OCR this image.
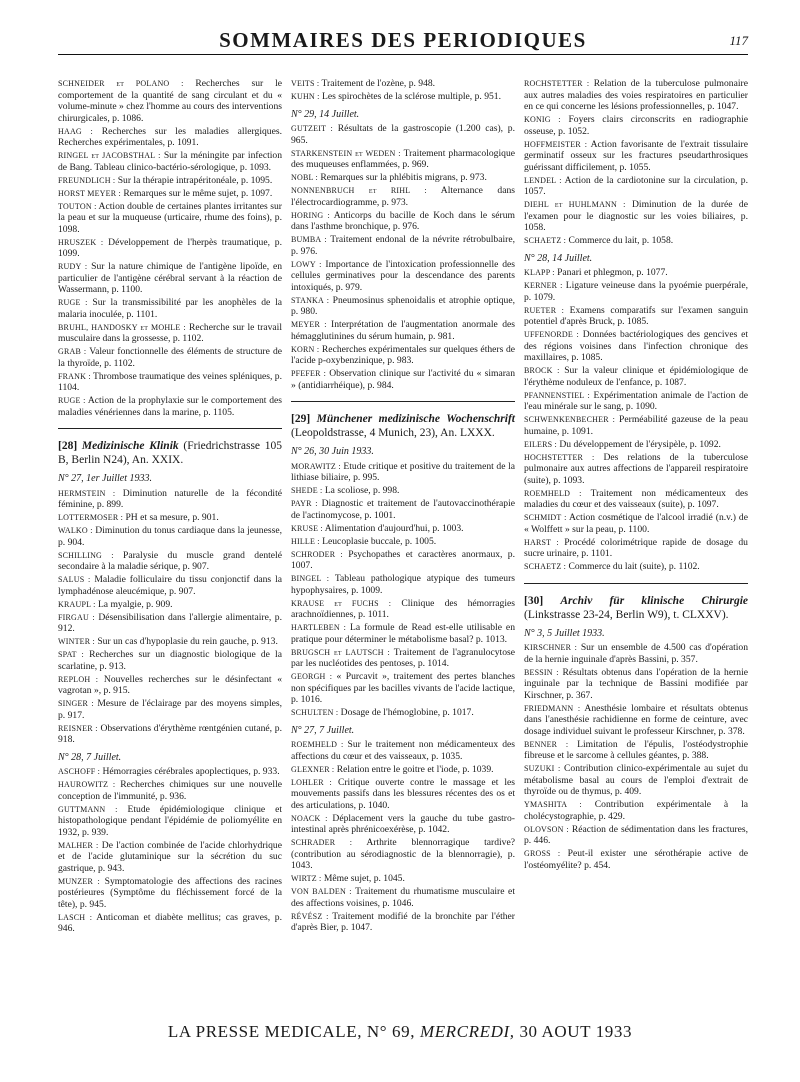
SOMMAIRES DES PERIODIQUES	117

SCHNEIDER et POLANO : Recherches sur le comportement de la quantité de sang circulant et du « volume-minute » chez l'homme au cours des interventions chirurgicales, p. 1086.

HAAG : Recherches sur les maladies allergiques. Recherches expérimentales, p. 1091.

RINGEL et JACOBSTHAL : Sur la méningite par infection de Bang. Tableau clinico-bactério-sérologique, p. 1093.

FREUNDLICH : Sur la thérapie intrapéritonéale, p. 1095.

HORST MEYER : Remarques sur le même sujet, p. 1097.

TOUTON : Action double de certaines plantes irritantes sur la peau et sur la muqueuse (urticaire, rhume des foins), p. 1098.

HRUSZEK : Développement de l'herpès traumatique, p. 1099.

RUDY : Sur la nature chimique de l'antigène lipoïde, en particulier de l'antigène cérébral servant à la réaction de Wassermann, p. 1100.

RUGE : Sur la transmissibilité par les anophèles de la malaria inoculée, p. 1101.

BRUHL, HANDOSKY et MOHLE : Recherche sur le travail musculaire dans la grossesse, p. 1102.

GRAB : Valeur fonctionnelle des éléments de structure de la thyroïde, p. 1102.

FRANK : Thrombose traumatique des veines spléniques, p. 1104.

RUGE : Action de la prophylaxie sur le comportement des maladies vénériennes dans la marine, p. 1105.

[28] Medizinische Klinik (Friedrichstrasse 105 B, Berlin N24), An. XXIX.
N° 27, 1er Juillet 1933.

HERMSTEIN : Diminution naturelle de la fécondité féminine, p. 899.

LOTTERMOSER : PH et sa mesure, p. 901.

WALKO : Diminution du tonus cardiaque dans la jeunesse, p. 904.

SCHILLING : Paralysie du muscle grand dentelé secondaire à la maladie sérique, p. 907.

SALUS : Maladie folliculaire du tissu conjonctif dans la lymphadénose aleucémique, p. 907.

KRAUPL : La myalgie, p. 909.

FIRGAU : Désensibilisation dans l'allergie alimentaire, p. 912.

WINTER : Sur un cas d'hypoplasie du rein gauche, p. 913.

SPAT : Recherches sur un diagnostic biologique de la scarlatine, p. 913.

REPLOH : Nouvelles recherches sur le désinfectant « vagrotan », p. 915.

SINGER : Mesure de l'éclairage par des moyens simples, p. 917.

REISNER : Observations d'érythème rœntgénien cutané, p. 918.

N° 28, 7 Juillet.

ASCHOFF : Hémorragies cérébrales apoplectiques, p. 933.

HAUROWITZ : Recherches chimiques sur une nouvelle conception de l'immunité, p. 936.

GUTTMANN : Etude épidémiologique clinique et histopathologique pendant l'épidémie de poliomyélite en 1932, p. 939.

MALHER : De l'action combinée de l'acide chlorhydrique et de l'acide glutaminique sur la sécrétion du suc gastrique, p. 943.

MUNZER : Symptomatologie des affections des racines postérieures (Symptôme du fléchissement forcé de la tête), p. 945.

LASCH : Anticoman et diabète mellitus; cas graves, p. 946.

VEITS : Traitement de l'ozène, p. 948.

KUHN : Les spirochètes de la sclérose multiple, p. 951.

N° 29, 14 Juillet.

GUTZEIT : Résultats de la gastroscopie (1.200 cas), p. 965.

STARKENSTEIN et WEDEN : Traitement pharmacologique des muqueuses enflammées, p. 969.

NOBL : Remarques sur la phlébitis migrans, p. 973.

NONNENBRUCH et RIHL : Alternance dans l'électrocardiogramme, p. 973.

HORING : Anticorps du bacille de Koch dans le sérum dans l'asthme bronchique, p. 976.

BUMBA : Traitement endonal de la névrite rétrobulbaire, p. 976.

LOWY : Importance de l'intoxication professionnelle des cellules germinatives pour la descendance des parents intoxiqués, p. 979.

STANKA : Pneumosinus sphenoidalis et atrophie optique, p. 980.

MEYER : Interprétation de l'augmentation anormale des hémagglutinines du sérum humain, p. 981.

KORN : Recherches expérimentales sur quelques éthers de l'acide p-oxybenzinique, p. 983.

PFEFER : Observation clinique sur l'activité du « simaran » (antidiarrhéique), p. 984.

[29] Münchener medizinische Wochenschrift (Leopoldstrasse, 4 Munich, 23), An. LXXX.
N° 26, 30 Juin 1933.

MORAWITZ : Etude critique et positive du traitement de la lithiase biliaire, p. 995.

SHEDE : La scoliose, p. 998.

PAYR : Diagnostic et traitement de l'autovaccinothérapie de l'actinomycose, p. 1001.

KRUSE : Alimentation d'aujourd'hui, p. 1003.

HILLE : Leucoplasie buccale, p. 1005.

SCHRODER : Psychopathes et caractères anormaux, p. 1007.

BINGEL : Tableau pathologique atypique des tumeurs hypophysaires, p. 1009.

KRAUSE et FUCHS : Clinique des hémorragies arachnoïdiennes, p. 1011.

HARTLEBEN : La formule de Read est-elle utilisable en pratique pour déterminer le métabolisme basal? p. 1013.

BRUGSCH et LAUTSCH : Traitement de l'agranulocytose par les nucléotides des pentoses, p. 1014.

GEORGH : « Purcavit », traitement des pertes blanches non spécifiques par les bacilles vivants de l'acide lactique, p. 1016.

SCHULTEN : Dosage de l'hémoglobine, p. 1017.

N° 27, 7 Juillet.

ROEMHELD : Sur le traitement non médicamenteux des affections du cœur et des vaisseaux, p. 1035.

GLEXNER : Relation entre le goitre et l'iode, p. 1039.

LOHLER : Critique ouverte contre le massage et les mouvements passifs dans les blessures récentes des os et des articulations, p. 1040.

NOACK : Déplacement vers la gauche du tube gastro-intestinal après phrénicoexérèse, p. 1042.

SCHRADER : Arthrite blennorragique tardive? (contribution au sérodiagnostic de la blennorragie), p. 1043.

WIRTZ : Même sujet, p. 1045.

VON BALDEN : Traitement du rhumatisme musculaire et des affections voisines, p. 1046.

RÉVÉSZ : Traitement modifié de la bronchite par l'éther d'après Bier, p. 1047.

ROCHSTETTER : Relation de la tuberculose pulmonaire aux autres maladies des voies respiratoires en particulier en ce qui concerne les lésions professionnelles, p. 1047.

KONIG : Foyers clairs circonscrits en radiographie osseuse, p. 1052.

HOFFMEISTER : Action favorisante de l'extrait tissulaire germinatif osseux sur les fractures pseudarthrosiques guérissant difficilement, p. 1055.

LENDEL : Action de la cardiotonine sur la circulation, p. 1057.

DIEHL et HUHLMANN : Diminution de la durée de l'examen pour le diagnostic sur les voies biliaires, p. 1058.

SCHAETZ : Commerce du lait, p. 1058.

N° 28, 14 Juillet.

KLAPP : Panari et phlegmon, p. 1077.

KERNER : Ligature veineuse dans la pyoémie puerpérale, p. 1079.

RUETER : Examens comparatifs sur l'examen sanguin potentiel d'après Bruck, p. 1085.

UFFENORDE : Données bactériologiques des gencives et des régions voisines dans l'infection chronique des maxillaires, p. 1085.

BROCK : Sur la valeur clinique et épidémiologique de l'érythème noduleux de l'enfance, p. 1087.

PFANNENSTIEL : Expérimentation animale de l'action de l'eau minérale sur le sang, p. 1090.

SCHWENKENBECHER : Perméabilité gazeuse de la peau humaine, p. 1091.

EILERS : Du développement de l'érysipèle, p. 1092.

HOCHSTETTER : Des relations de la tuberculose pulmonaire aux autres affections de l'appareil respiratoire (suite), p. 1093.

ROEMHELD : Traitement non médicamenteux des maladies du cœur et des vaisseaux (suite), p. 1097.

SCHMIDT : Action cosmétique de l'alcool irradié (n.v.) de « Wolffett » sur la peau, p. 1100.

HARST : Procédé colorimétrique rapide de dosage du sucre urinaire, p. 1101.

SCHAETZ : Commerce du lait (suite), p. 1102.

[30] Archiv für klinische Chirurgie (Linkstrasse 23-24, Berlin W9), t. CLXXV).
N° 3, 5 Juillet 1933.

KIRSCHNER : Sur un ensemble de 4.500 cas d'opération de la hernie inguinale d'après Bassini, p. 357.

BESSIN : Résultats obtenus dans l'opération de la hernie inguinale par la technique de Bassini modifiée par Kirschner, p. 367.

FRIEDMANN : Anesthésie lombaire et résultats obtenus dans l'anesthésie rachidienne en forme de ceinture, avec dosage individuel suivant le professeur Kirschner, p. 378.

BENNER : Limitation de l'épulis, l'ostéodystrophie fibreuse et le sarcome à cellules géantes, p. 388.

SUZUKI : Contribution clinico-expérimentale au sujet du métabolisme basal au cours de l'emploi d'extrait de thyroïde ou de thymus, p. 409.

YMASHITA : Contribution expérimentale à la cholécystographie, p. 429.

OLOVSON : Réaction de sédimentation dans les fractures, p. 446.

GROSS : Peut-il exister une sérothérapie active de l'ostéomyélite? p. 454.

LA PRESSE MEDICALE, N° 69, MERCREDI, 30 AOUT 1933
